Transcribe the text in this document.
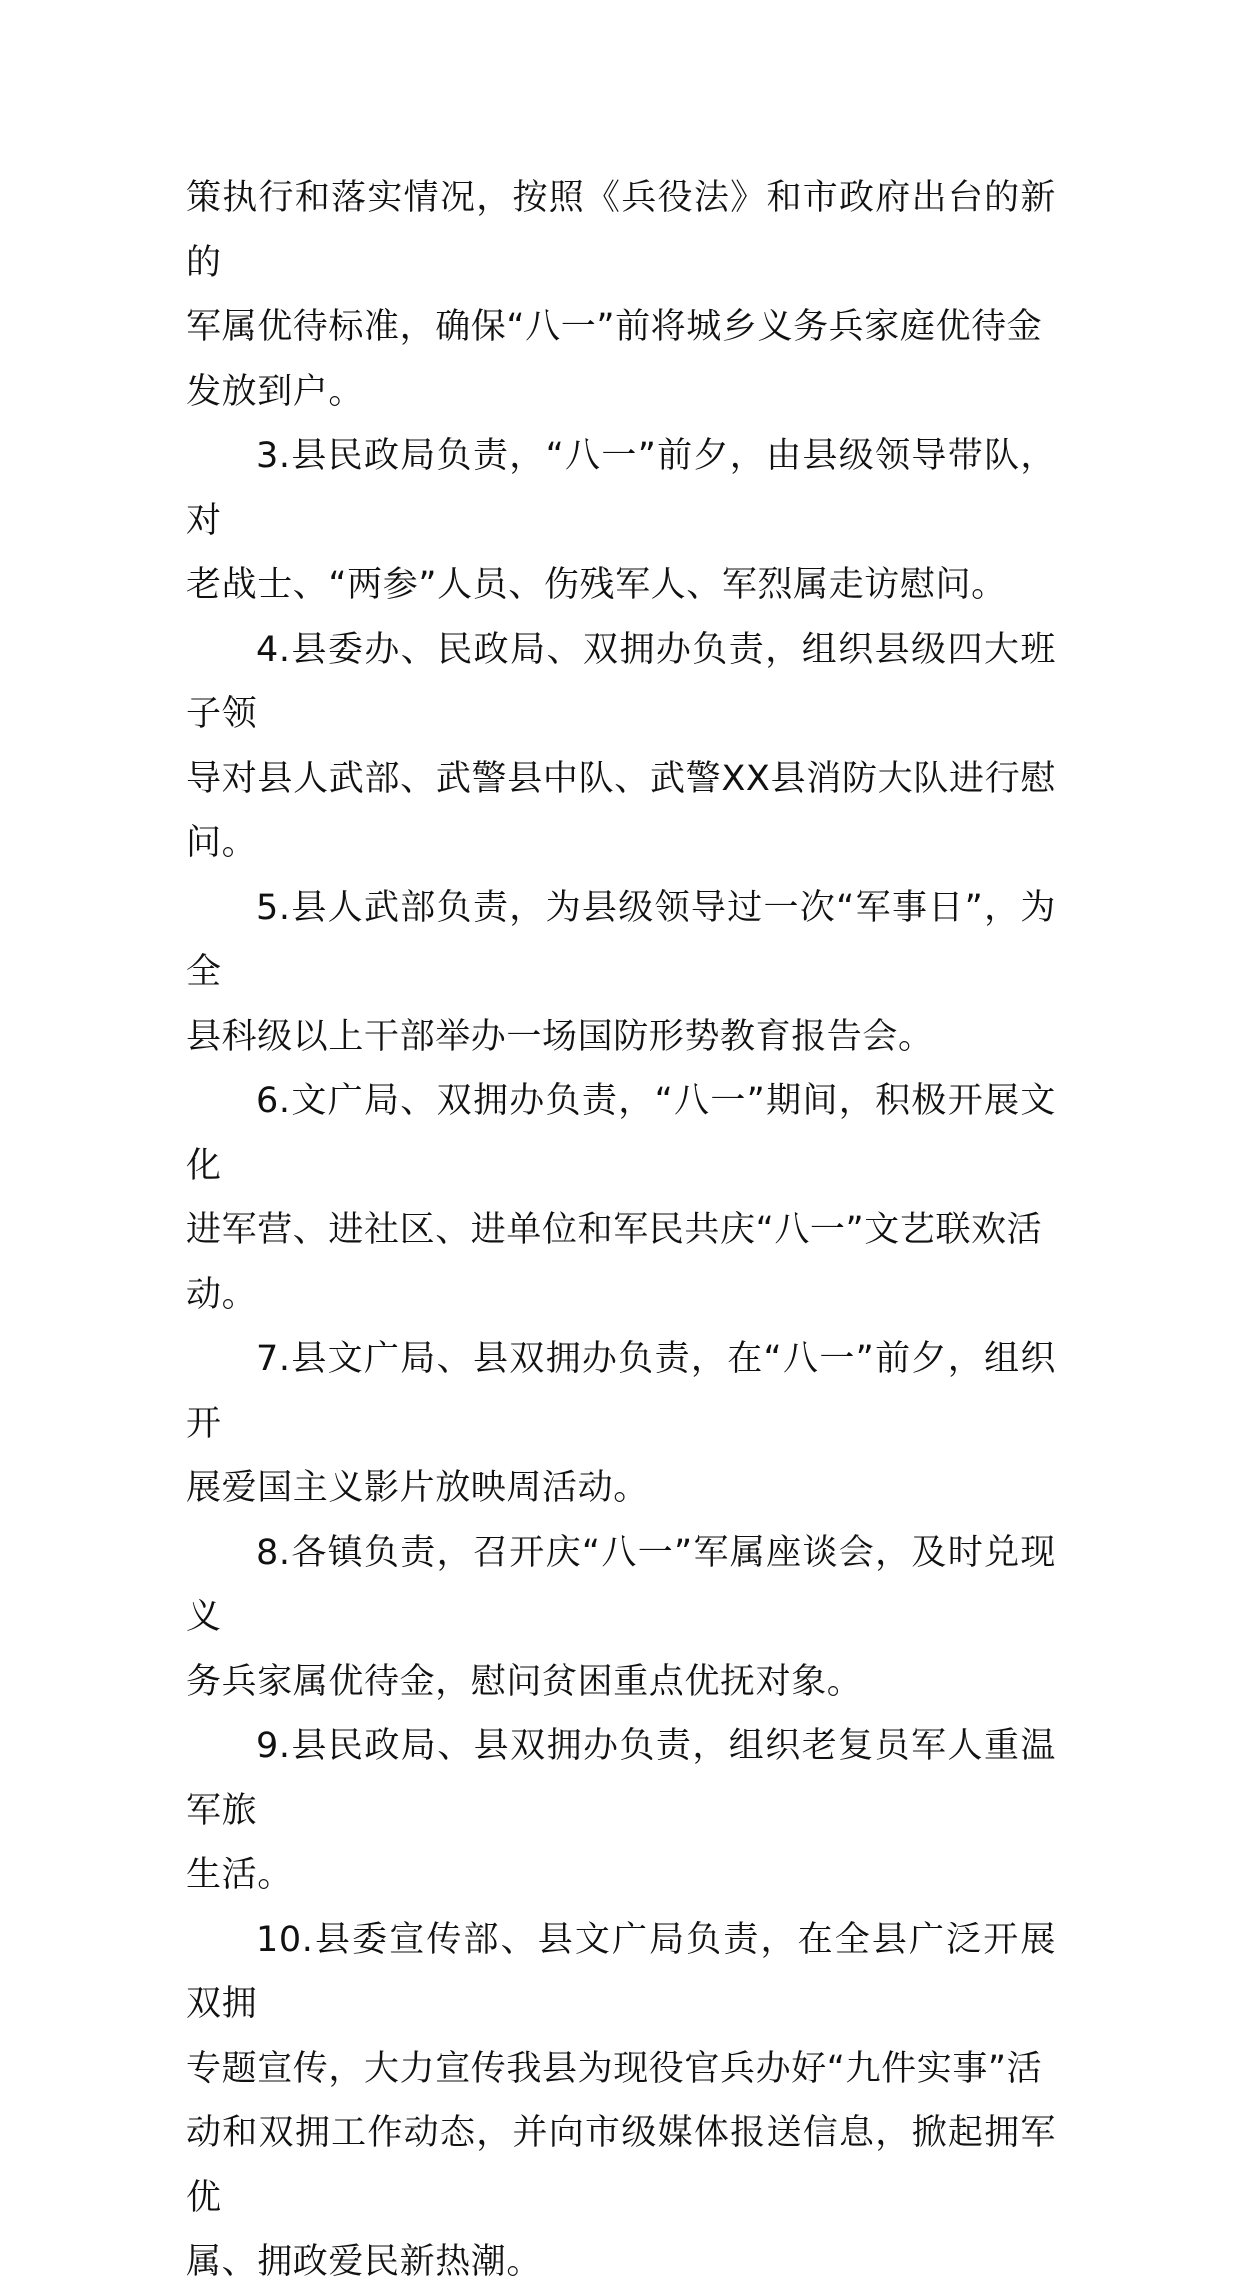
策执行和落实情况，按照《兵役法》和市政府出台的新的
军属优待标准，确保“八一”前将城乡义务兵家庭优待金
发放到户。

3.县民政局负责，“八一”前夕，由县级领导带队，对
老战士、“两参”人员、伤残军人、军烈属走访慰问。

4.县委办、民政局、双拥办负责，组织县级四大班子领
导对县人武部、武警县中队、武警XX县消防大队进行慰问。

5.县人武部负责，为县级领导过一次“军事日”，为全
县科级以上干部举办一场国防形势教育报告会。

6.文广局、双拥办负责，“八一”期间，积极开展文化
进军营、进社区、进单位和军民共庆“八一”文艺联欢活
动。

7.县文广局、县双拥办负责，在“八一”前夕，组织开
展爱国主义影片放映周活动。

8.各镇负责，召开庆“八一”军属座谈会，及时兑现义
务兵家属优待金，慰问贫困重点优抚对象。

9.县民政局、县双拥办负责，组织老复员军人重温军旅
生活。

10.县委宣传部、县文广局负责，在全县广泛开展双拥
专题宣传，大力宣传我县为现役官兵办好“九件实事”活
动和双拥工作动态，并向市级媒体报送信息，掀起拥军优
属、拥政爱民新热潮。
